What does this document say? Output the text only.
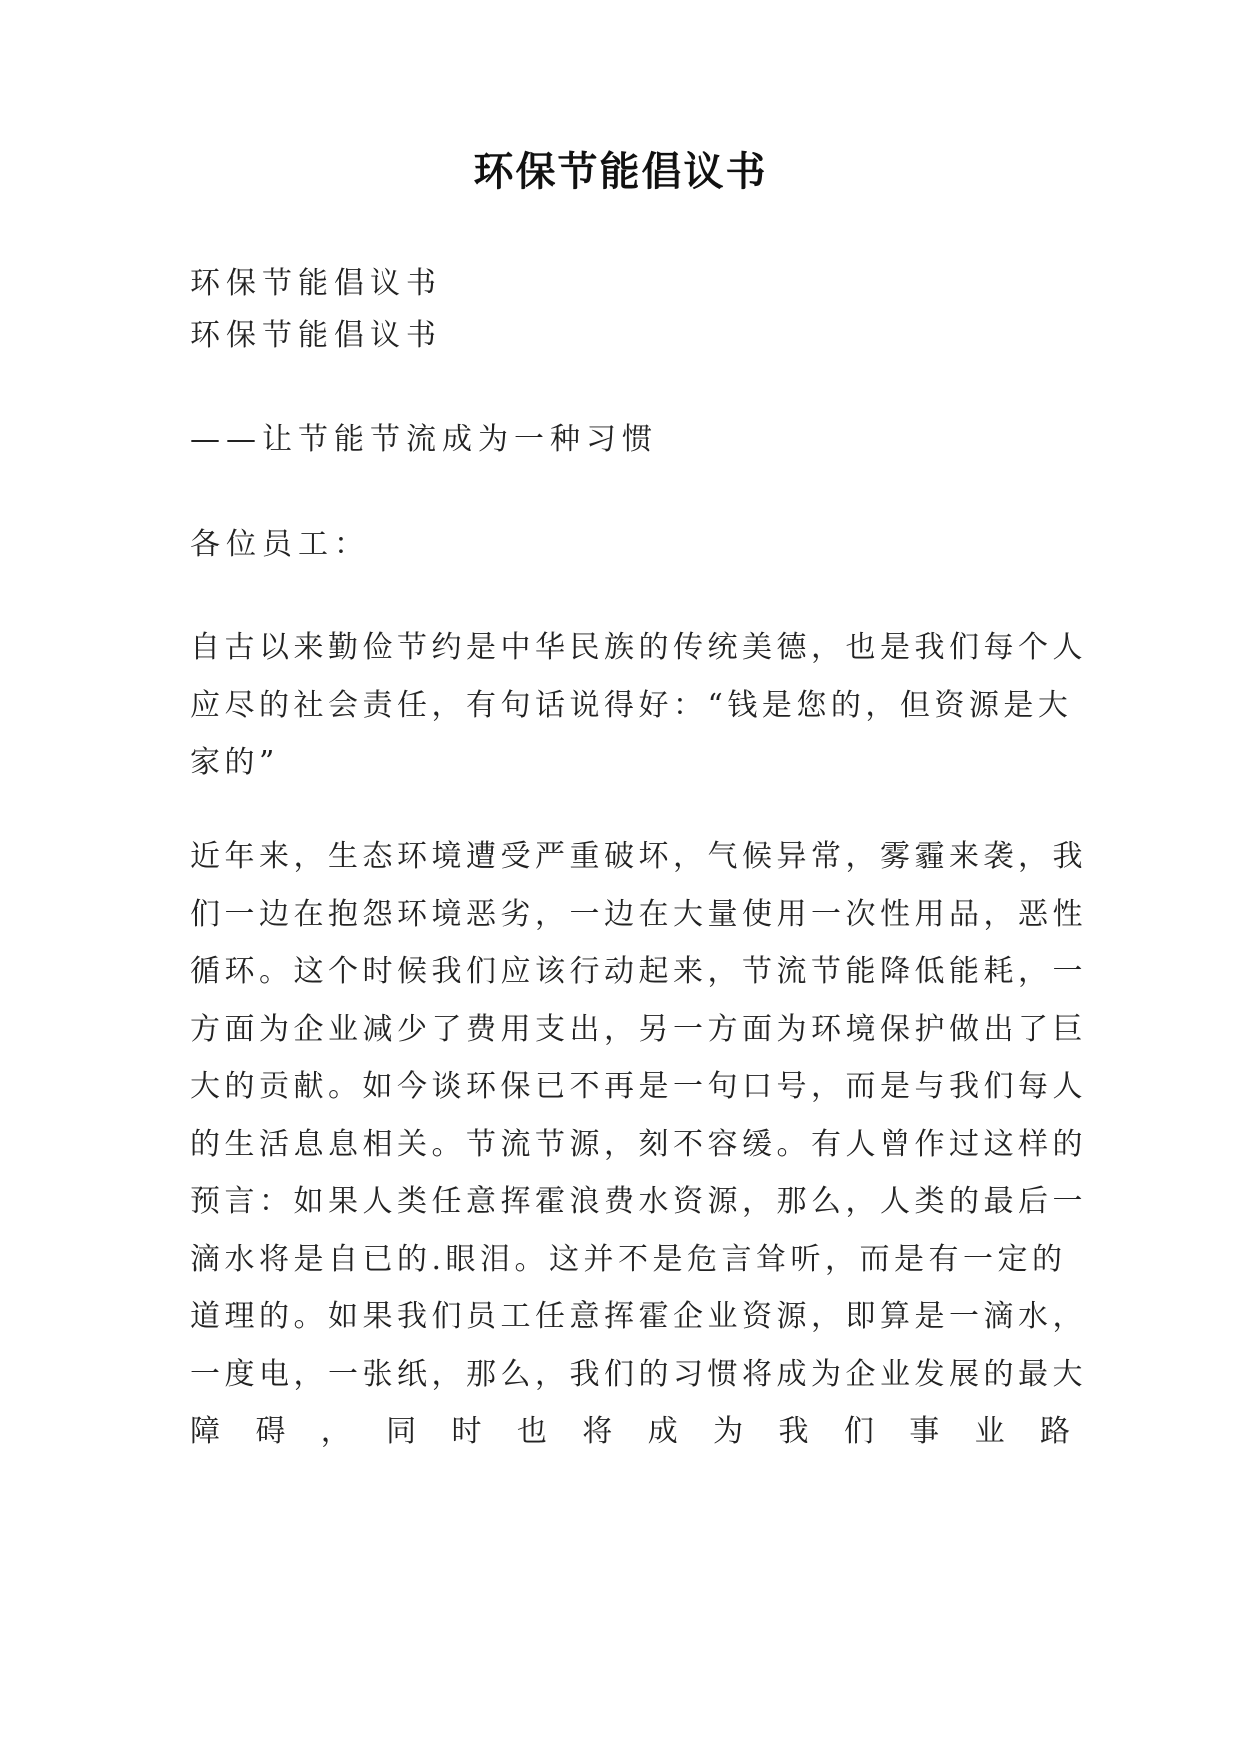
环保节能倡议书
环保节能倡议书
环保节能倡议书
——让节能节流成为一种习惯
各位员工：
自古以来勤俭节约是中华民族的传统美德，也是我们每个人
应尽的社会责任，有句话说得好：“钱是您的，但资源是大
家的”
近年来，生态环境遭受严重破坏，气候异常，雾霾来袭，我
们一边在抱怨环境恶劣，一边在大量使用一次性用品，恶性
循环。这个时候我们应该行动起来，节流节能降低能耗，一
方面为企业减少了费用支出，另一方面为环境保护做出了巨
大的贡献。如今谈环保已不再是一句口号，而是与我们每人
的生活息息相关。节流节源，刻不容缓。有人曾作过这样的
预言：如果人类任意挥霍浪费水资源，那么，人类的最后一
滴水将是自已的.眼泪。这并不是危言耸听，而是有一定的
道理的。如果我们员工任意挥霍企业资源，即算是一滴水，
一度电，一张纸，那么，我们的习惯将成为企业发展的最大
障碍，同时也将成为我们事业路
